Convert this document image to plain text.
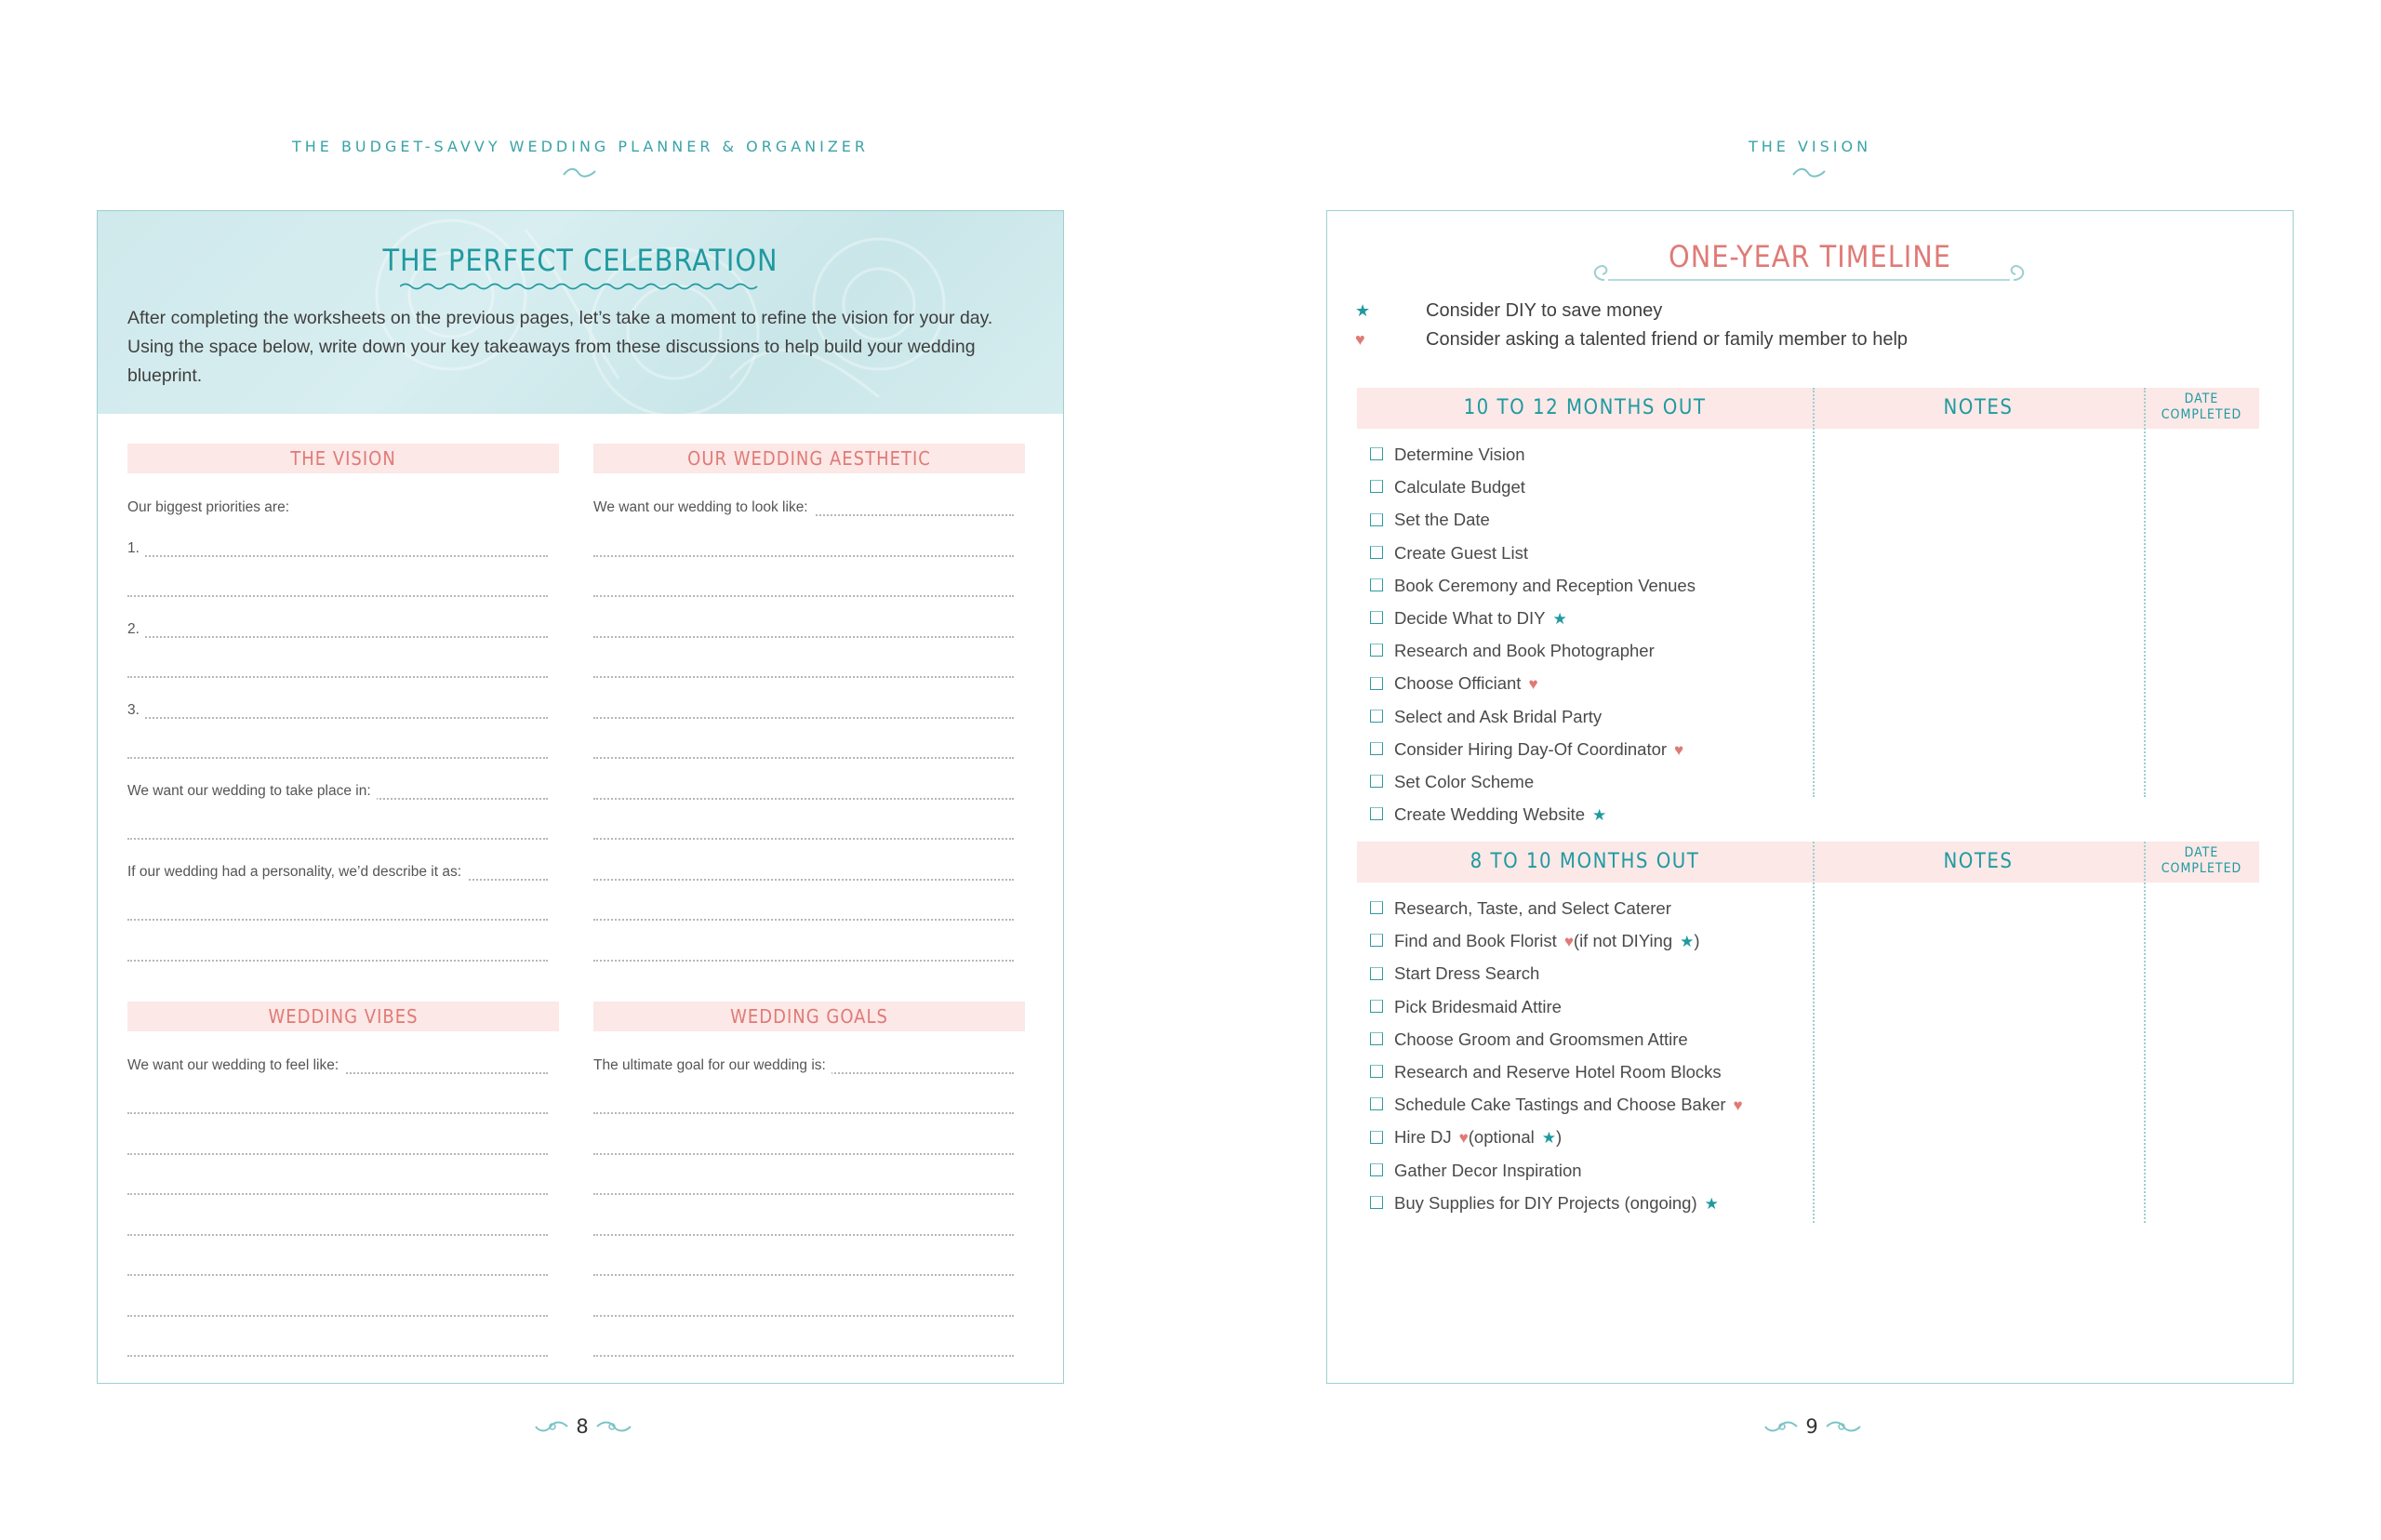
THE BUDGET-SAVVY WEDDING PLANNER & ORGANIZER
THE PERFECT CELEBRATION
After completing the worksheets on the previous pages, let’s take a moment to refine the vision for your day. Using the space below, write down your key takeaways from these discussions to help build your wedding blueprint.
THE VISION	OUR WEDDING AESTHETIC
Our biggest priorities are:
1.
2.
3.
We want our wedding to take place in:
If our wedding had a personality, we’d describe it as:
We want our wedding to look like:
WEDDING VIBES	WEDDING GOALS
We want our wedding to feel like:	The ultimate goal for our wedding is:
8
THE VISION
ONE-YEAR TIMELINE
★	Consider DIY to save money
♥	Consider asking a talented friend or family member to help
10 TO 12 MONTHS OUT	NOTES	DATE
COMPLETED
Determine Vision
Calculate Budget
Set the Date
Create Guest List
Book Ceremony and Reception Venues
Decide What to DIY ★
Research and Book Photographer
Choose Officiant ♥
Select and Ask Bridal Party
Consider Hiring Day-Of Coordinator ♥
Set Color Scheme
Create Wedding Website ★
8 TO 10 MONTHS OUT	NOTES	DATE
COMPLETED
Research, Taste, and Select Caterer
Find and Book Florist ♥(if not DIYing ★)
Start Dress Search
Pick Bridesmaid Attire
Choose Groom and Groomsmen Attire
Research and Reserve Hotel Room Blocks
Schedule Cake Tastings and Choose Baker ♥
Hire DJ ♥(optional ★)
Gather Decor Inspiration
Buy Supplies for DIY Projects (ongoing) ★
9
